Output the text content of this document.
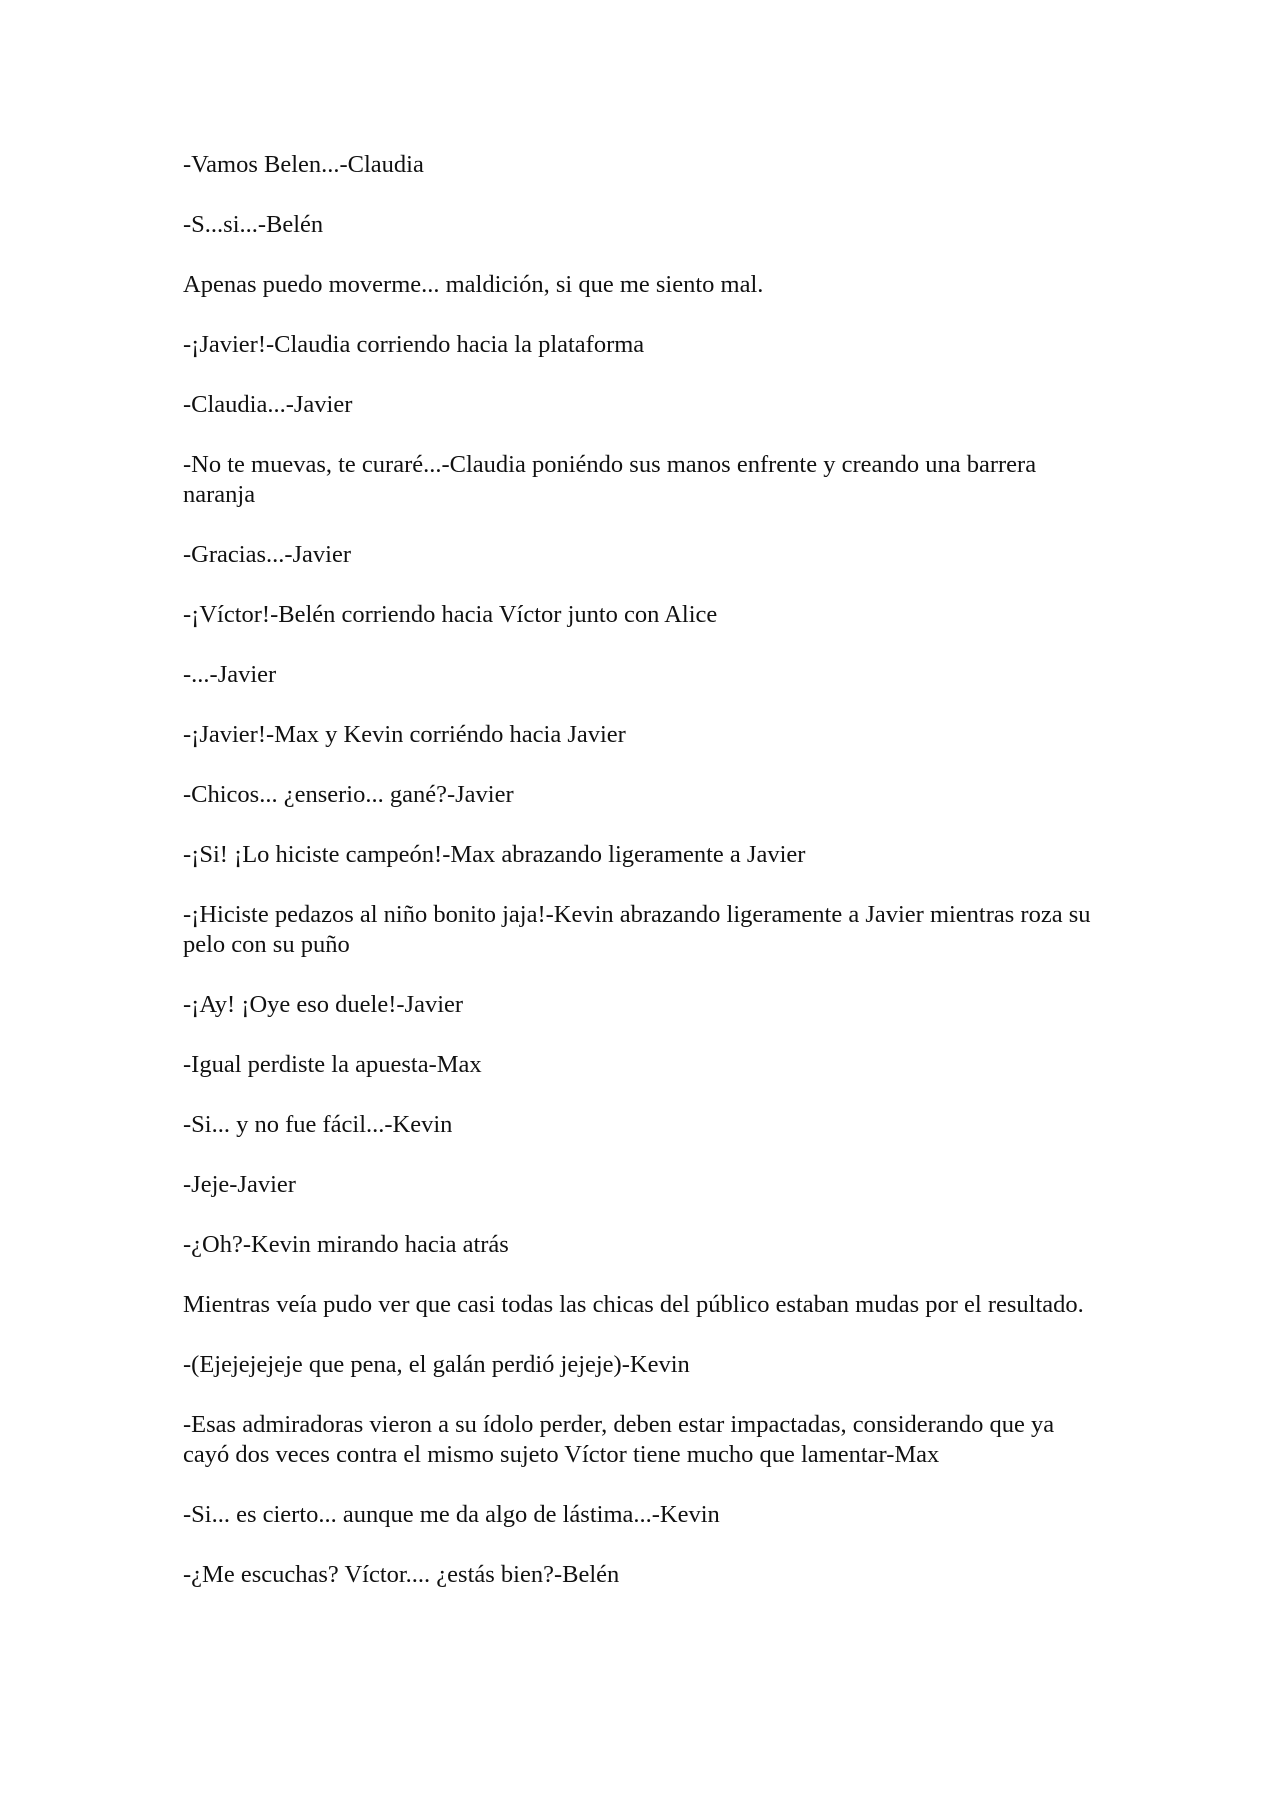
-Vamos Belen...-Claudia

-S...si...-Belén

Apenas puedo moverme... maldición, si que me siento mal.

-¡Javier!-Claudia corriendo hacia la plataforma

-Claudia...-Javier

-No te muevas, te curaré...-Claudia poniéndo sus manos enfrente y creando una barrera naranja

-Gracias...-Javier

-¡Víctor!-Belén corriendo hacia Víctor junto con Alice

-...-Javier

-¡Javier!-Max y Kevin corriéndo hacia Javier

-Chicos... ¿enserio... gané?-Javier

-¡Si! ¡Lo hiciste campeón!-Max abrazando ligeramente a Javier

-¡Hiciste pedazos al niño bonito jaja!-Kevin abrazando ligeramente a Javier mientras roza su pelo con su puño

-¡Ay! ¡Oye eso duele!-Javier

-Igual perdiste la apuesta-Max

-Si... y no fue fácil...-Kevin

-Jeje-Javier

-¿Oh?-Kevin mirando hacia atrás

Mientras veía pudo ver que casi todas las chicas del público estaban mudas por el resultado.

-(Ejejejejeje que pena, el galán perdió jejeje)-Kevin

-Esas admiradoras vieron a su ídolo perder, deben estar impactadas, considerando que ya cayó dos veces contra el mismo sujeto Víctor tiene mucho que lamentar-Max

-Si... es cierto... aunque me da algo de lástima...-Kevin

-¿Me escuchas? Víctor.... ¿estás bien?-Belén
